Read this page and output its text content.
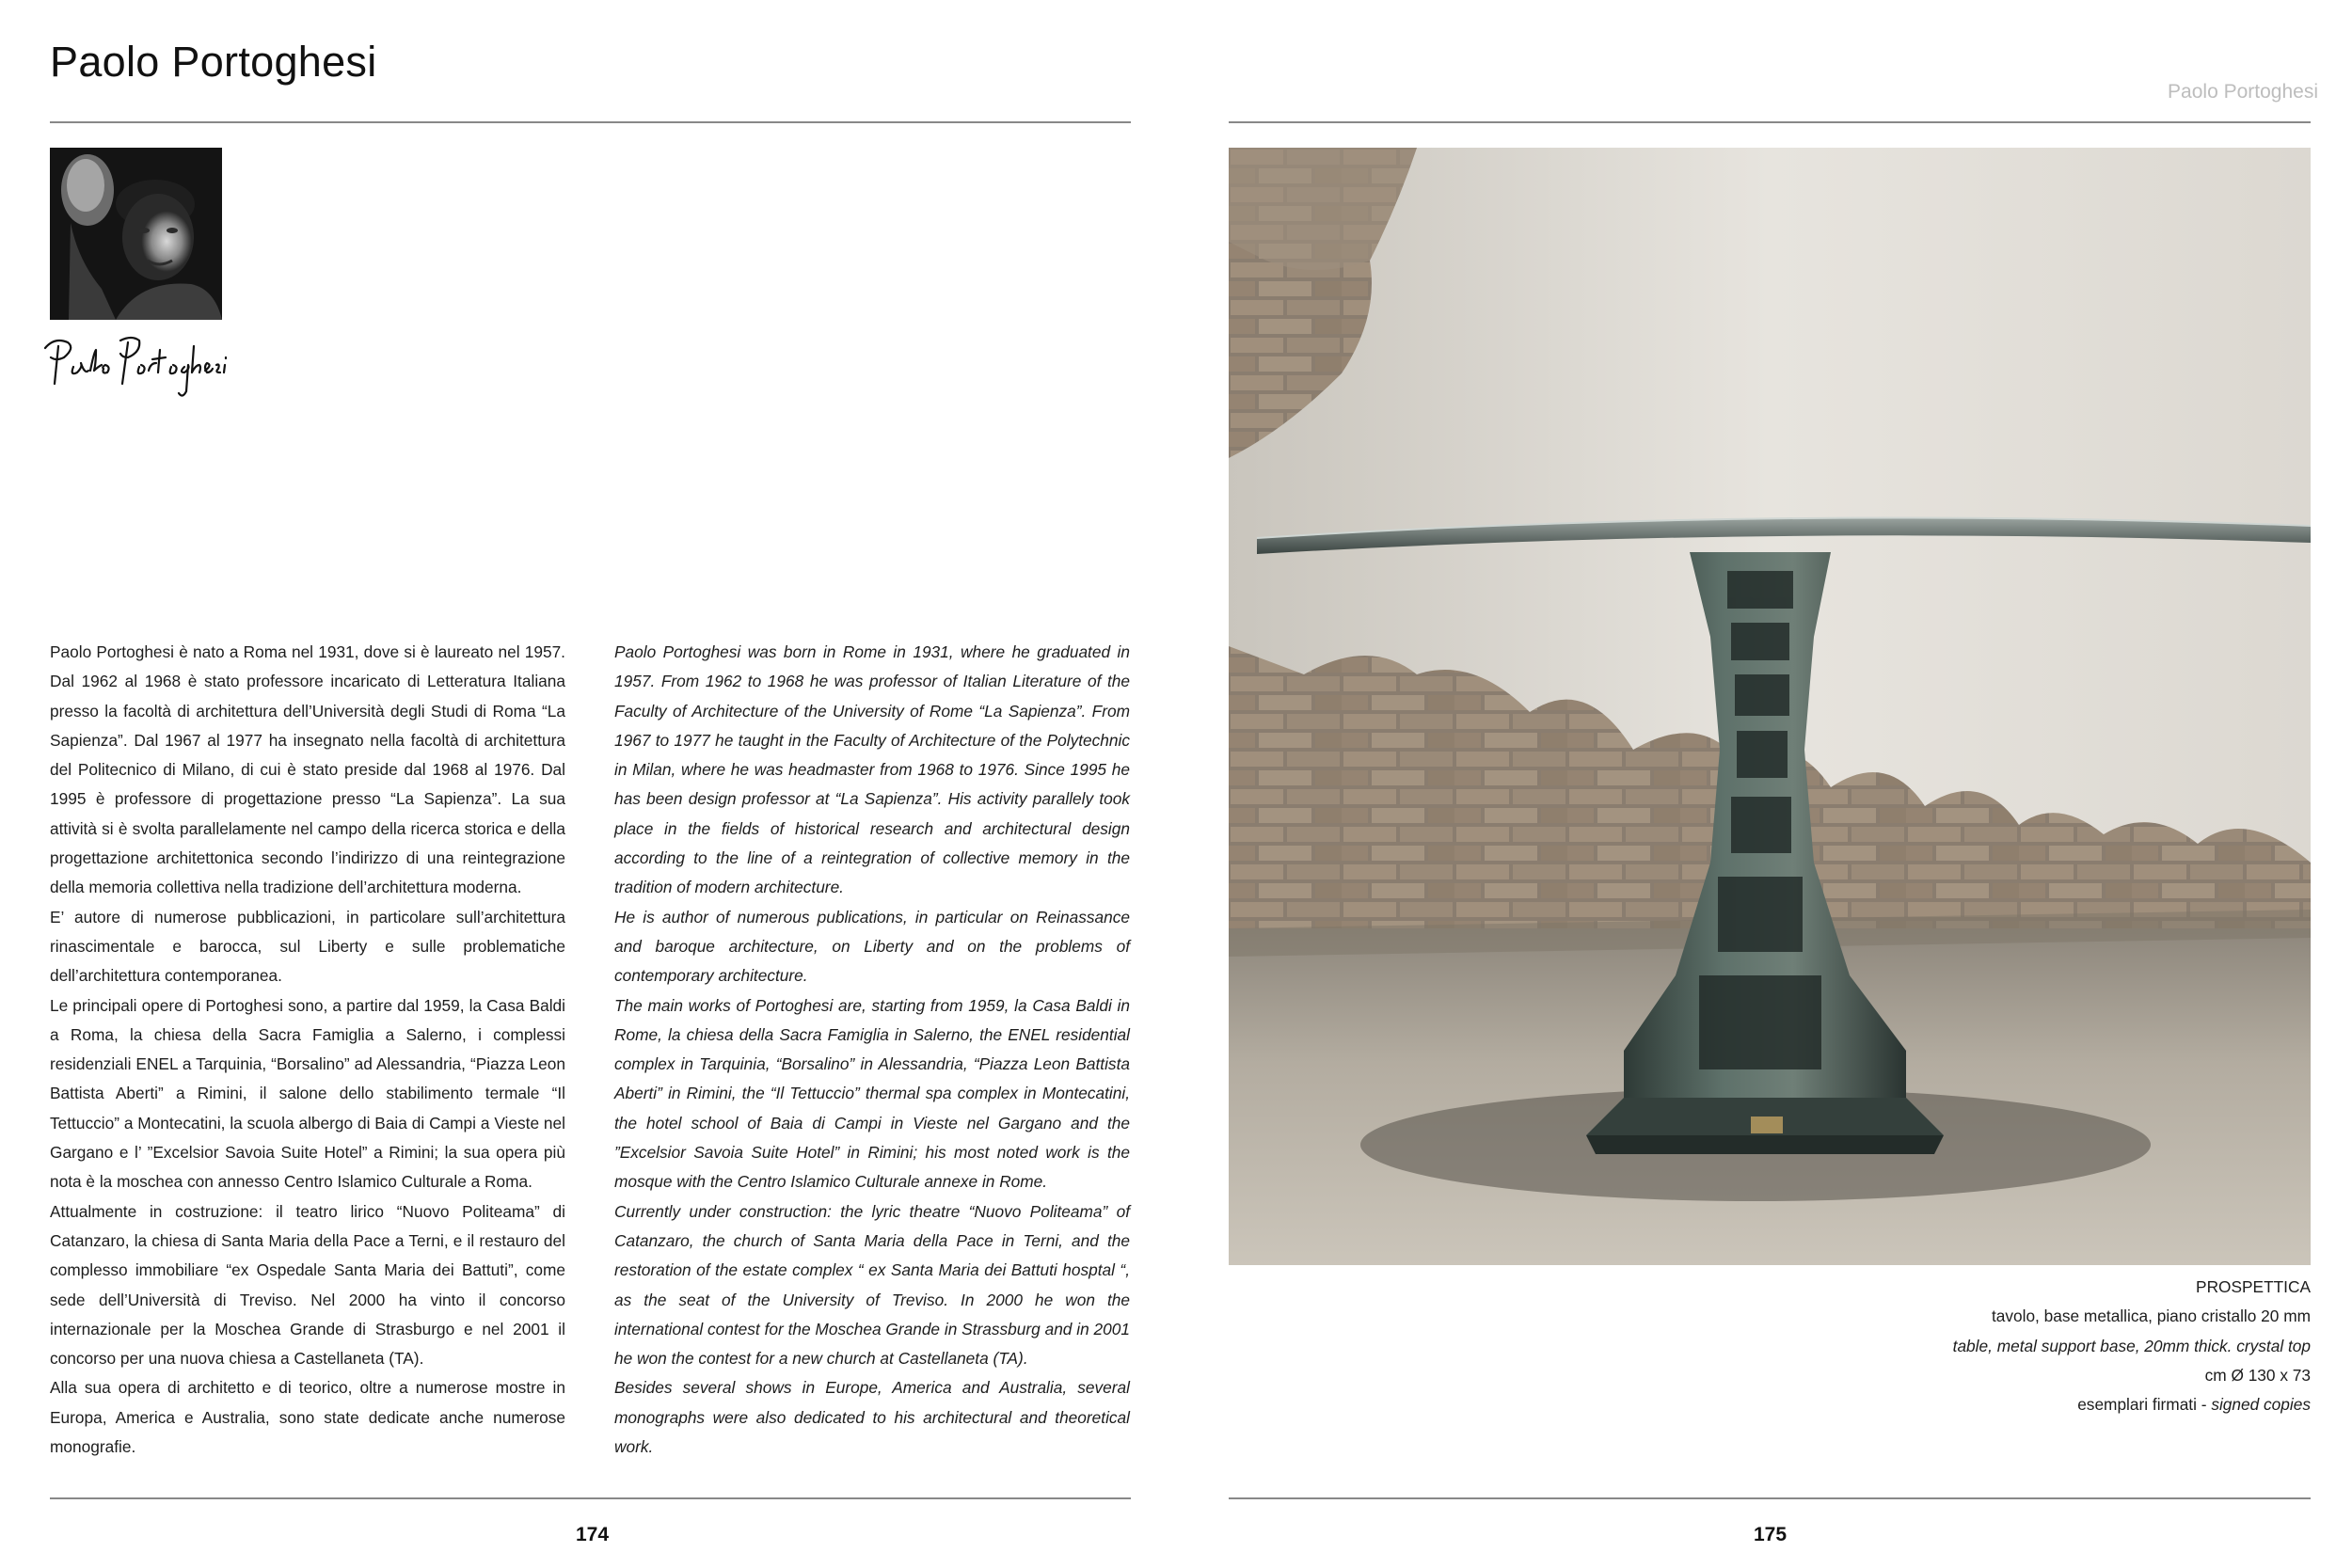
Paolo Portoghesi
Paolo Portoghesi

Paolo Portoghesi è nato a Roma nel 1931, dove si è laureato nel 1957. Dal 1962 al 1968 è stato professore incaricato di Letteratura Italiana presso la facoltà di architettura dell’Università degli Studi di Roma “La Sapienza”. Dal 1967 al 1977 ha insegnato nella facoltà di architettura del Politecnico di Milano, di cui è stato preside dal 1968 al 1976. Dal 1995 è professore di progettazione presso “La Sapienza”. La sua attività si è svolta parallelamente nel campo della ricerca storica e della progettazione architettonica secondo l’indirizzo di una reintegrazione della memoria collettiva nella tradizione dell’architettura moderna.

E’ autore di numerose pubblicazioni, in particolare sull’architettura rinascimentale e barocca, sul Liberty e sulle problematiche dell’architettura contemporanea.

Le principali opere di Portoghesi sono, a partire dal 1959, la Casa Baldi a Roma, la chiesa della Sacra Famiglia a Salerno, i complessi residenziali ENEL a Tarquinia, “Borsalino” ad Alessandria, “Piazza Leon Battista Aberti” a Rimini, il salone dello stabilimento termale “Il Tettuccio” a Montecatini, la scuola albergo di Baia di Campi a Vieste nel Gargano e l’ ”Excelsior Savoia Suite Hotel” a Rimini; la sua opera più nota è la moschea con annesso Centro Islamico Culturale a Roma.

Attualmente in costruzione: il teatro lirico “Nuovo Politeama” di Catanzaro, la chiesa di Santa Maria della Pace a Terni, e il restauro del complesso immobiliare “ex Ospedale Santa Maria dei Battuti”, come sede dell’Università di Treviso. Nel 2000 ha vinto il concorso internazionale per la Moschea Grande di Strasburgo e nel 2001 il concorso per una nuova chiesa a Castellaneta (TA).

Alla sua opera di architetto e di teorico, oltre a numerose mostre in Europa, America e Australia, sono state dedicate anche numerose monografie.

Paolo Portoghesi was born in Rome in 1931, where he graduated in 1957. From 1962 to 1968 he was professor of Italian Literature of the Faculty of Architecture of the University of Rome “La Sapienza”. From 1967 to 1977 he taught in the Faculty of Architecture of the Polytechnic in Milan, where he was headmaster from 1968 to 1976. Since 1995 he has been design professor at “La Sapienza”. His activity parallely took place in the fields of historical research and architectural design according to the line of a reintegration of collective memory in the tradition of modern architecture.

He is author of numerous publications, in particular on Reinassance and baroque architecture, on Liberty and on the problems of contemporary architecture.

The main works of Portoghesi are, starting from 1959, la Casa Baldi in Rome, la chiesa della Sacra Famiglia in Salerno, the ENEL residential complex in Tarquinia, “Borsalino” in Alessandria, “Piazza Leon Battista Aberti” in Rimini, the “Il Tettuccio” thermal spa complex in Montecatini, the hotel school of Baia di Campi in Vieste nel Gargano and the ”Excelsior Savoia Suite Hotel” in Rimini; his most noted work is the mosque with the Centro Islamico Culturale annexe in Rome.

Currently under construction: the lyric theatre “Nuovo Politeama” of Catanzaro, the church of Santa Maria della Pace in Terni, and the restoration of the estate complex “ ex Santa Maria dei Battuti hosptal “, as the seat of the University of Treviso. In 2000 he won the international contest for the Moschea Grande in Strassburg and in 2001 he won the contest for a new church at Castellaneta (TA).

Besides several shows in Europe, America and Australia, several monographs were also dedicated to his architectural and theoretical work.

PROSPETTICA
tavolo, base metallica, piano cristallo 20 mm
table, metal support base, 20mm thick. crystal top
cm Ø 130 x 73
esemplari firmati - signed copies
174	175
